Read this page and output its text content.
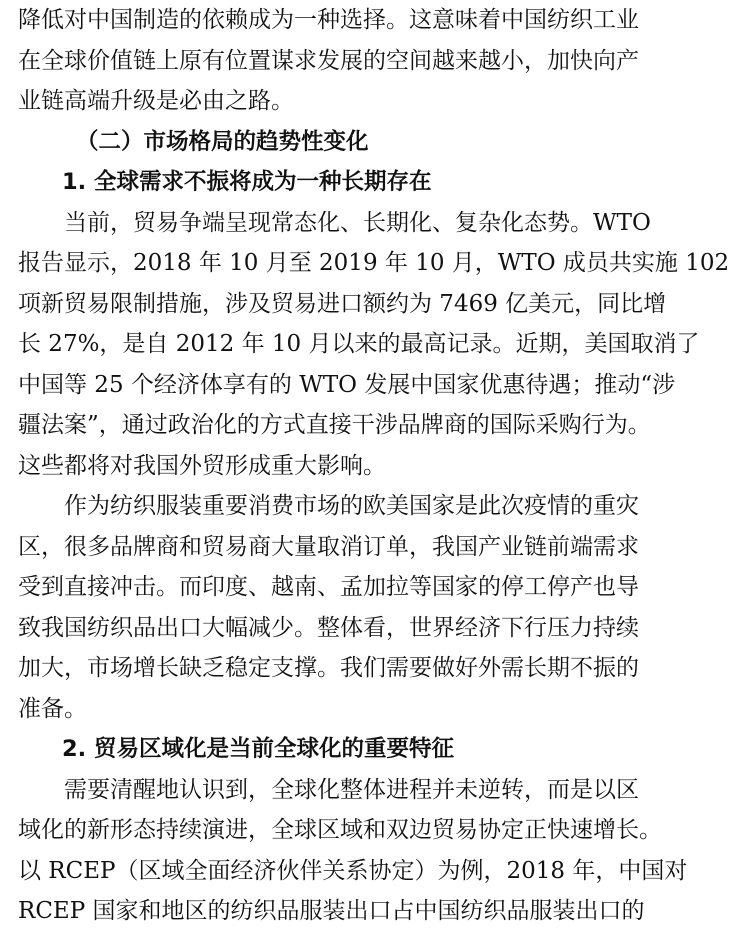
降低对中国制造的依赖成为一种选择。这意味着中国纺织工业
在全球价值链上原有位置谋求发展的空间越来越小，加快向产
业链高端升级是必由之路。
（二）市场格局的趋势性变化
1. 全球需求不振将成为一种长期存在
当前，贸易争端呈现常态化、长期化、复杂化态势。WTO
报告显示，2018 年 10 月至 2019 年 10 月，WTO 成员共实施 102
项新贸易限制措施，涉及贸易进口额约为 7469 亿美元，同比增
长 27%，是自 2012 年 10 月以来的最高记录。近期，美国取消了
中国等 25 个经济体享有的 WTO 发展中国家优惠待遇；推动“涉
疆法案”，通过政治化的方式直接干涉品牌商的国际采购行为。
这些都将对我国外贸形成重大影响。
作为纺织服装重要消费市场的欧美国家是此次疫情的重灾
区，很多品牌商和贸易商大量取消订单，我国产业链前端需求
受到直接冲击。而印度、越南、孟加拉等国家的停工停产也导
致我国纺织品出口大幅减少。整体看，世界经济下行压力持续
加大，市场增长缺乏稳定支撑。我们需要做好外需长期不振的
准备。
2. 贸易区域化是当前全球化的重要特征
需要清醒地认识到，全球化整体进程并未逆转，而是以区
域化的新形态持续演进，全球区域和双边贸易协定正快速增长。
以 RCEP（区域全面经济伙伴关系协定）为例，2018 年，中国对
RCEP 国家和地区的纺织品服装出口占中国纺织品服装出口的
